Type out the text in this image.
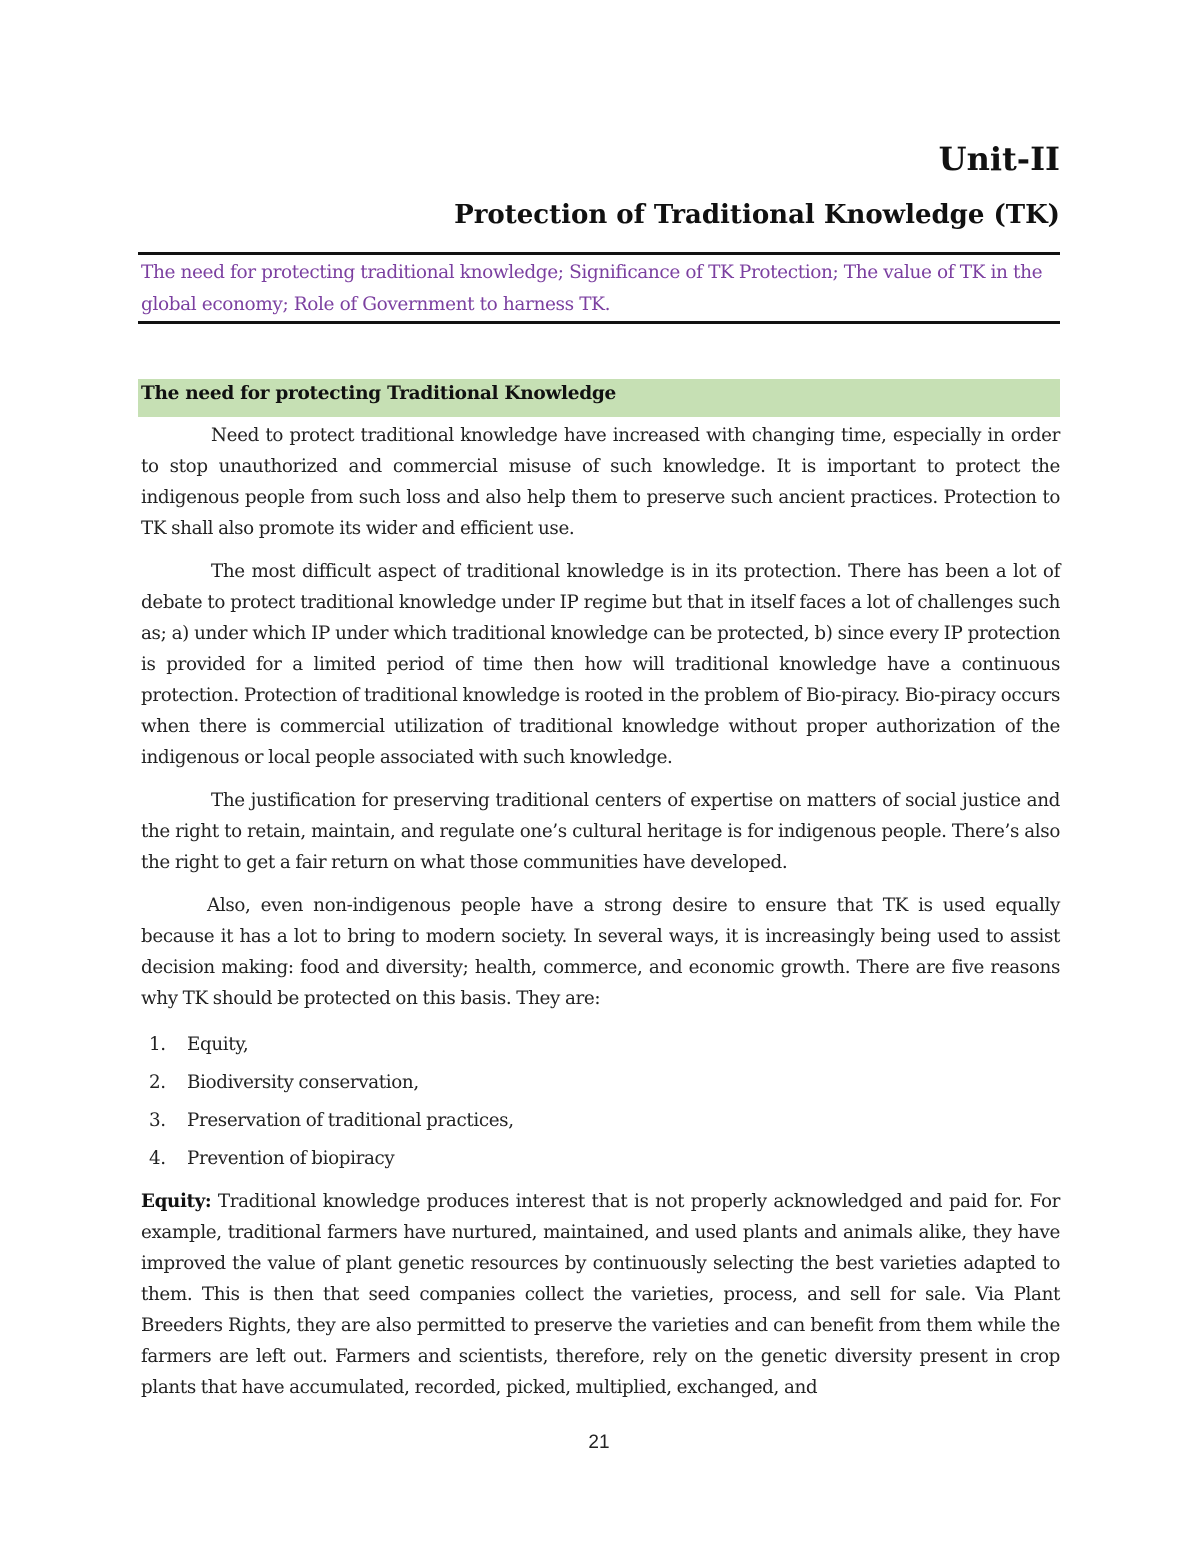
Unit-II
Protection of Traditional Knowledge (TK)

The need for protecting traditional knowledge; Significance of TK Protection; The value of TK in the global economy; Role of Government to harness TK.

The need for protecting Traditional Knowledge

Need to protect traditional knowledge have increased with changing time, especially in order to stop unauthorized and commercial misuse of such knowledge. It is important to protect the indigenous people from such loss and also help them to preserve such ancient practices. Protection to TK shall also promote its wider and efficient use.

The most difficult aspect of traditional knowledge is in its protection. There has been a lot of debate to protect traditional knowledge under IP regime but that in itself faces a lot of challenges such as; a) under which IP under which traditional knowledge can be protected, b) since every IP protection is provided for a limited period of time then how will traditional knowledge have a continuous protection. Protection of traditional knowledge is rooted in the problem of Bio-piracy. Bio-piracy occurs when there is commercial utilization of traditional knowledge without proper authorization of the indigenous or local people associated with such knowledge.

The justification for preserving traditional centers of expertise on matters of social justice and the right to retain, maintain, and regulate one’s cultural heritage is for indigenous people. There’s also the right to get a fair return on what those communities have developed.

Also, even non-indigenous people have a strong desire to ensure that TK is used equally because it has a lot to bring to modern society. In several ways, it is increasingly being used to assist decision making: food and diversity; health, commerce, and economic growth. There are five reasons why TK should be protected on this basis. They are:

1.	Equity,
2.	Biodiversity conservation,
3.	Preservation of traditional practices,
4.	Prevention of biopiracy

Equity: Traditional knowledge produces interest that is not properly acknowledged and paid for. For example, traditional farmers have nurtured, maintained, and used plants and animals alike, they have improved the value of plant genetic resources by continuously selecting the best varieties adapted to them. This is then that seed companies collect the varieties, process, and sell for sale. Via Plant Breeders Rights, they are also permitted to preserve the varieties and can benefit from them while the farmers are left out. Farmers and scientists, therefore, rely on the genetic diversity present in crop plants that have accumulated, recorded, picked, multiplied, exchanged, and

21
